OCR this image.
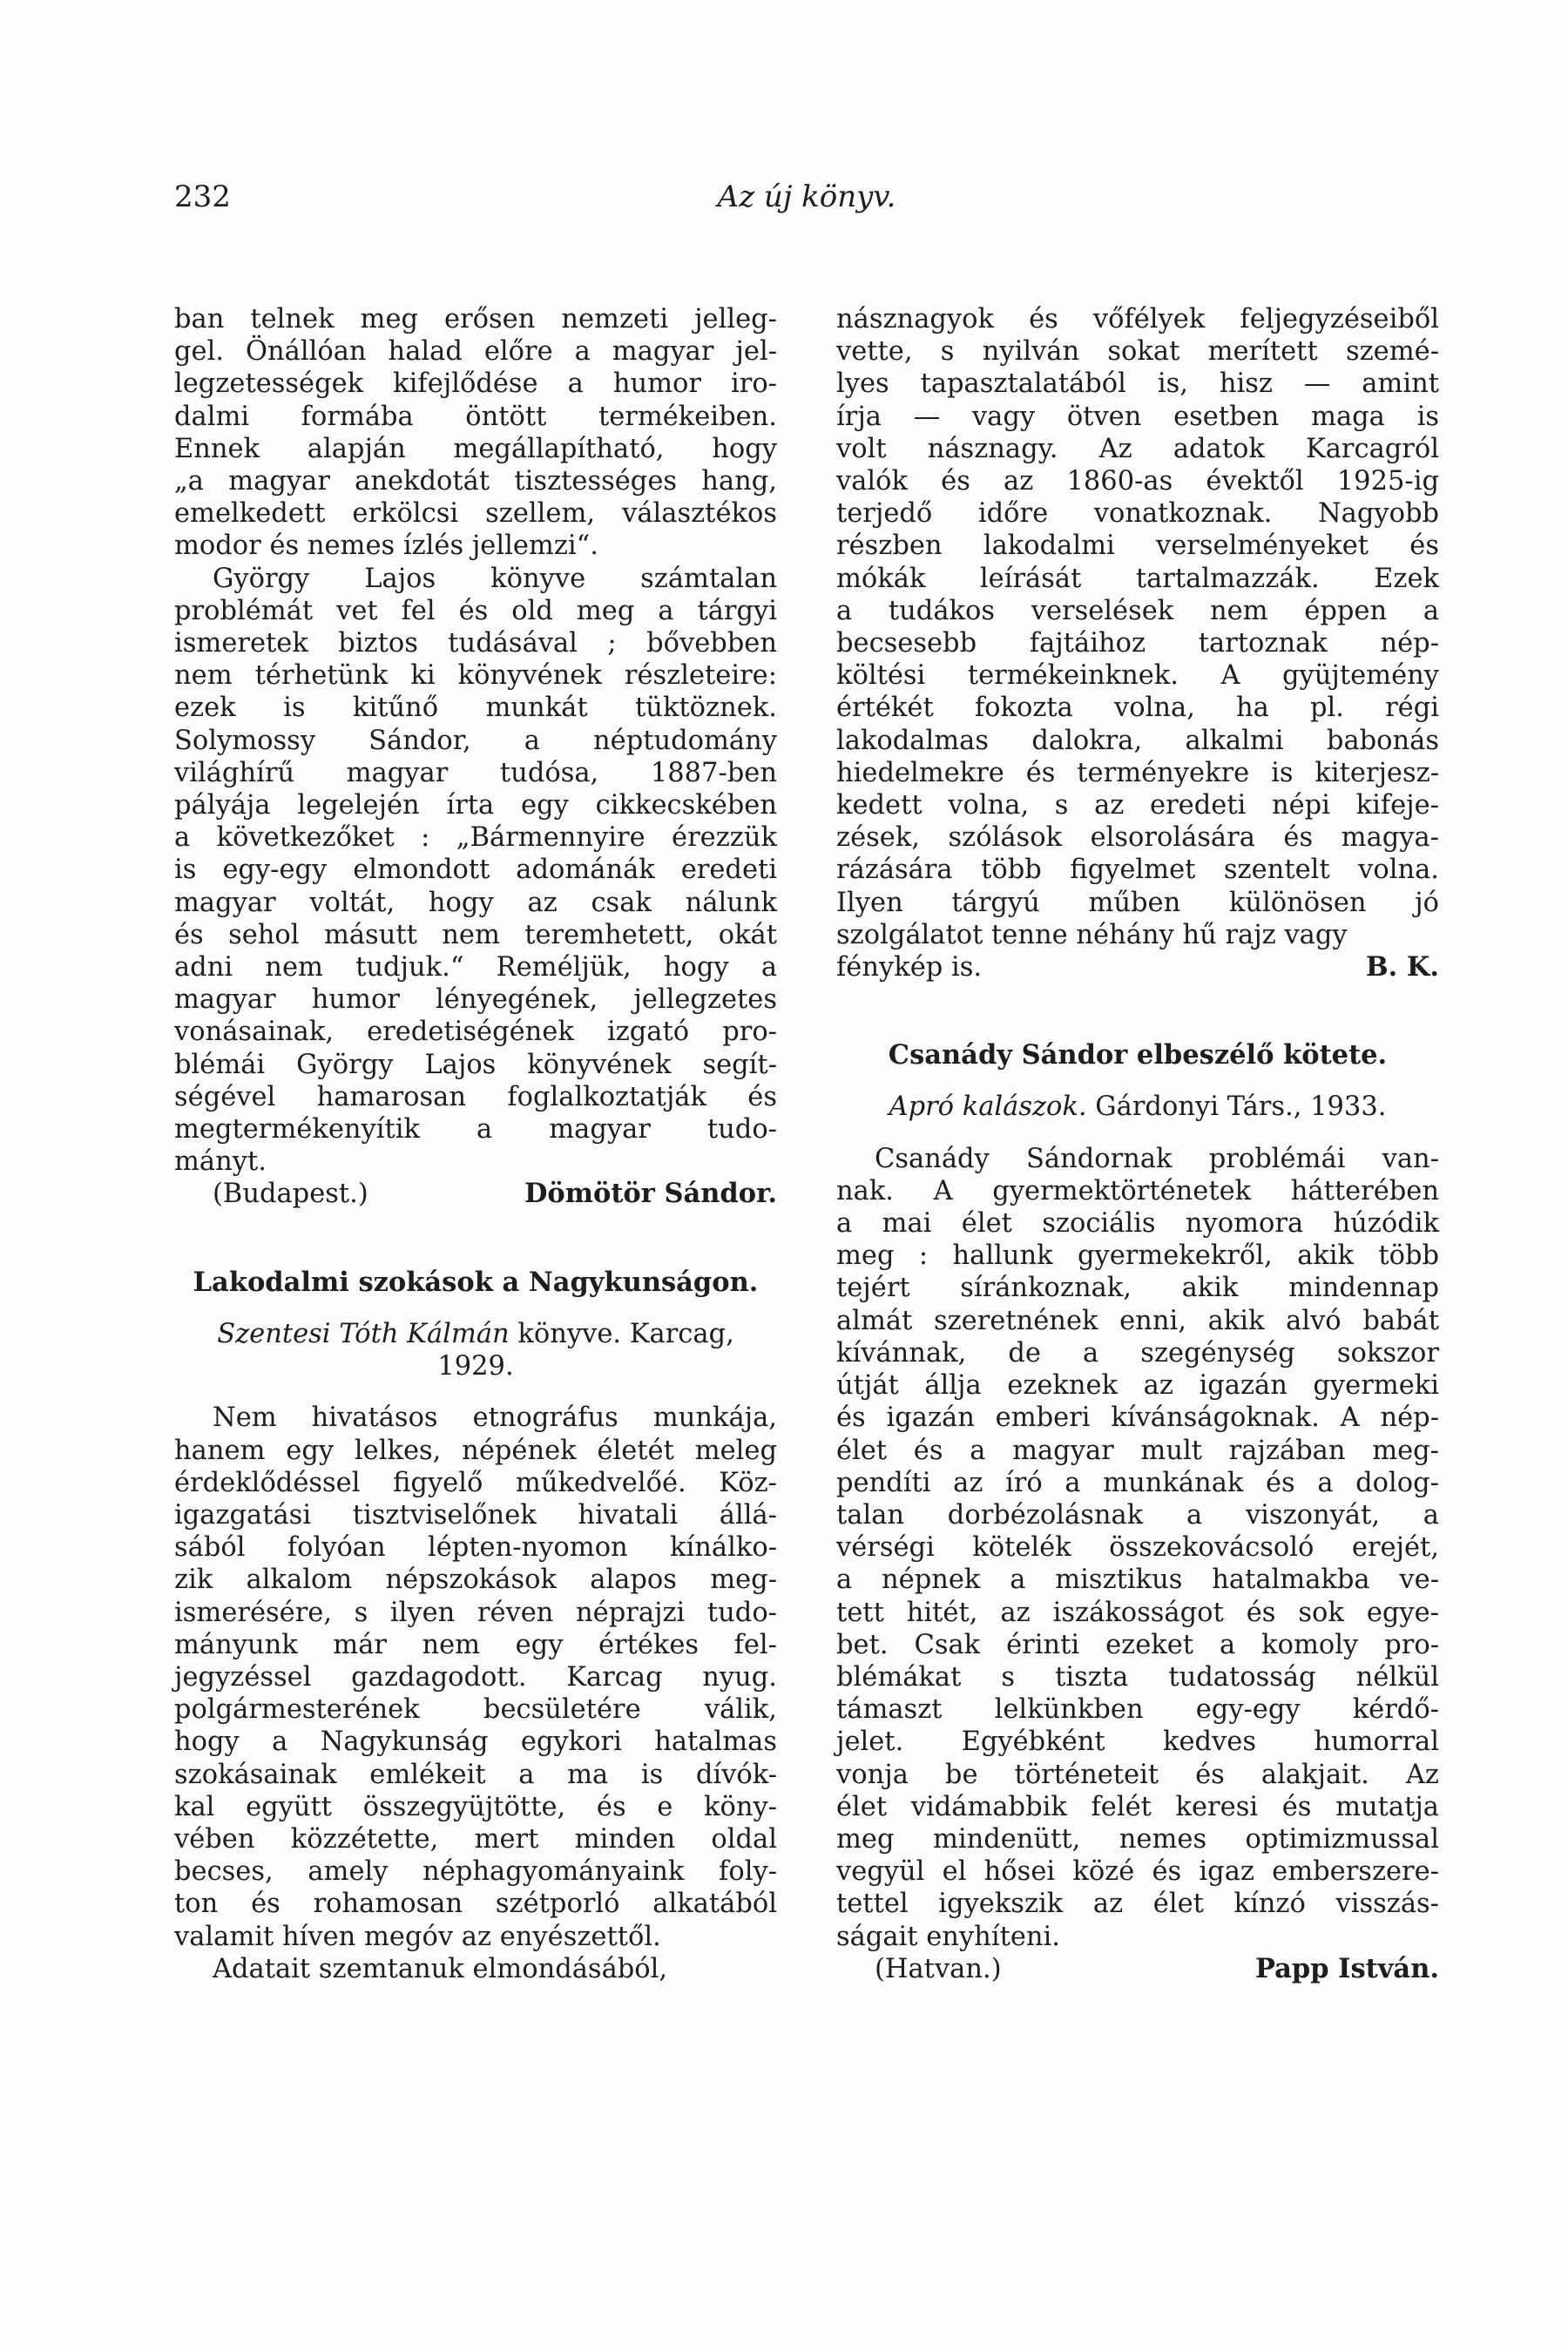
232	Az új könyv.
ban telnek meg erősen nemzeti jelleg-
gel. Önállóan halad előre a magyar jel-
legzetességek kifejlődése a humor iro-
dalmi formába öntött termékeiben.
Ennek alapján megállapítható, hogy
„a magyar anekdotát tisztességes hang,
emelkedett erkölcsi szellem, választékos
modor és nemes ízlés jellemzi“.
György Lajos könyve számtalan
problémát vet fel és old meg a tárgyi
ismeretek biztos tudásával ; bővebben
nem térhetünk ki könyvének részleteire:
ezek is kitűnő munkát tüktöznek.
Solymossy Sándor, a néptudomány
világhírű magyar tudósa, 1887-ben
pályája legelején írta egy cikkecskében
a következőket : „Bármennyire érezzük
is egy-egy elmondott adománák eredeti
magyar voltát, hogy az csak nálunk
és sehol másutt nem teremhetett, okát
adni nem tudjuk.“ Reméljük, hogy a
magyar humor lényegének, jellegzetes
vonásainak, eredetiségének izgató pro-
blémái György Lajos könyvének segít-
ségével hamarosan foglalkoztatják és
megtermékenyítik a magyar tudo-
mányt.
(Budapest.)	Dömötör Sándor.
Lakodalmi szokások a Nagykunságon.
Szentesi Tóth Kálmán könyve. Karcag,
1929.
Nem hivatásos etnográfus munkája,
hanem egy lelkes, népének életét meleg
érdeklődéssel figyelő műkedvelőé. Köz-
igazgatási tisztviselőnek hivatali állá-
sából folyóan lépten-nyomon kínálko-
zik alkalom népszokások alapos meg-
ismerésére, s ilyen réven néprajzi tudo-
mányunk már nem egy értékes fel-
jegyzéssel gazdagodott. Karcag nyug.
polgármesterének becsületére válik,
hogy a Nagykunság egykori hatalmas
szokásainak emlékeit a ma is dívók-
kal együtt összegyüjtötte, és e köny-
vében közzétette, mert minden oldal
becses, amely néphagyományaink foly-
ton és rohamosan szétporló alkatából
valamit híven megóv az enyészettől.
Adatait szemtanuk elmondásából,
násznagyok és vőfélyek feljegyzéseiből
vette, s nyilván sokat merített szemé-
lyes tapasztalatából is, hisz — amint
írja — vagy ötven esetben maga is
volt násznagy. Az adatok Karcagról
valók és az 1860-as évektől 1925-ig
terjedő időre vonatkoznak. Nagyobb
részben lakodalmi verselményeket és
mókák leírását tartalmazzák. Ezek
a tudákos verselések nem éppen a
becsesebb fajtáihoz tartoznak nép-
költési termékeinknek. A gyüjtemény
értékét fokozta volna, ha pl. régi
lakodalmas dalokra, alkalmi babonás
hiedelmekre és terményekre is kiterjesz-
kedett volna, s az eredeti népi kifeje-
zések, szólások elsorolására és magya-
rázására több figyelmet szentelt volna.
Ilyen tárgyú műben különösen jó
szolgálatot tenne néhány hű rajz vagy
fénykép is.	B. K.
Csanády Sándor elbeszélő kötete.
Apró kalászok. Gárdonyi Társ., 1933.
Csanády Sándornak problémái van-
nak. A gyermektörténetek hátterében
a mai élet szociális nyomora húzódik
meg : hallunk gyermekekről, akik több
tejért síránkoznak, akik mindennap
almát szeretnének enni, akik alvó babát
kívánnak, de a szegénység sokszor
útját állja ezeknek az igazán gyermeki
és igazán emberi kívánságoknak. A nép-
élet és a magyar mult rajzában meg-
pendíti az író a munkának és a dolog-
talan dorbézolásnak a viszonyát, a
vérségi kötelék összekovácsoló erejét,
a népnek a misztikus hatalmakba ve-
tett hitét, az iszákosságot és sok egye-
bet. Csak érinti ezeket a komoly pro-
blémákat s tiszta tudatosság nélkül
támaszt lelkünkben egy-egy kérdő-
jelet. Egyébként kedves humorral
vonja be történeteit és alakjait. Az
élet vidámabbik felét keresi és mutatja
meg mindenütt, nemes optimizmussal
vegyül el hősei közé és igaz emberszere-
tettel igyekszik az élet kínzó visszás-
ságait enyhíteni.
(Hatvan.)	Papp István.
